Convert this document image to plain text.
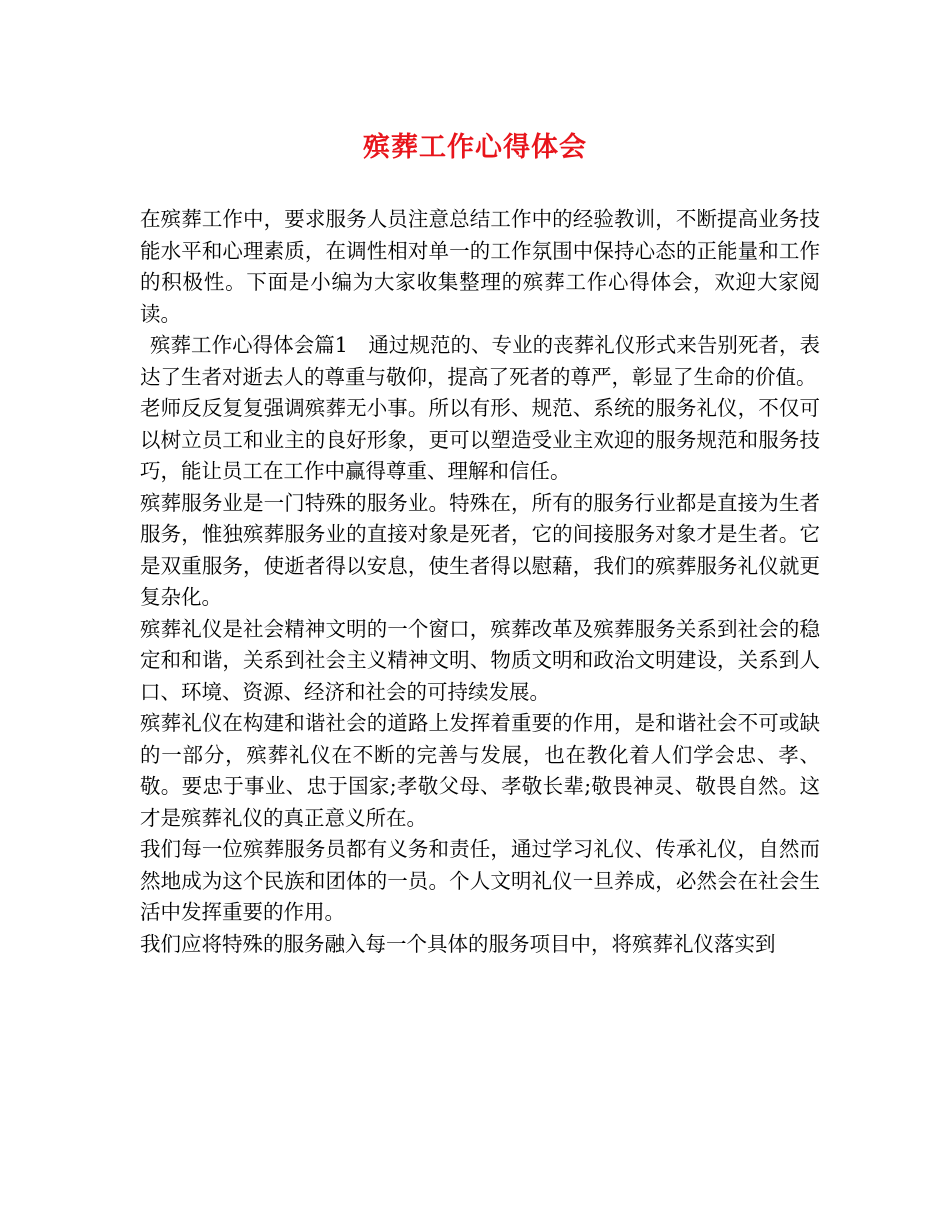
殡葬工作心得体会

在殡葬工作中，要求服务人员注意总结工作中的经验教训，不断提高业务技能水平和心理素质，在调性相对单一的工作氛围中保持心态的正能量和工作的积极性。下面是小编为大家收集整理的殡葬工作心得体会，欢迎大家阅读。

殡葬工作心得体会篇1　通过规范的、专业的丧葬礼仪形式来告别死者，表达了生者对逝去人的尊重与敬仰，提高了死者的尊严，彰显了生命的价值。

老师反反复复强调殡葬无小事。所以有形、规范、系统的服务礼仪，不仅可以树立员工和业主的良好形象，更可以塑造受业主欢迎的服务规范和服务技巧，能让员工在工作中赢得尊重、理解和信任。

殡葬服务业是一门特殊的服务业。特殊在，所有的服务行业都是直接为生者服务，惟独殡葬服务业的直接对象是死者，它的间接服务对象才是生者。它是双重服务，使逝者得以安息，使生者得以慰藉，我们的殡葬服务礼仪就更复杂化。

殡葬礼仪是社会精神文明的一个窗口，殡葬改革及殡葬服务关系到社会的稳定和和谐，关系到社会主义精神文明、物质文明和政治文明建设，关系到人口、环境、资源、经济和社会的可持续发展。

殡葬礼仪在构建和谐社会的道路上发挥着重要的作用，是和谐社会不可或缺的一部分，殡葬礼仪在不断的完善与发展，也在教化着人们学会忠、孝、敬。要忠于事业、忠于国家;孝敬父母、孝敬长辈;敬畏神灵、敬畏自然。这才是殡葬礼仪的真正意义所在。

我们每一位殡葬服务员都有义务和责任，通过学习礼仪、传承礼仪，自然而然地成为这个民族和团体的一员。个人文明礼仪一旦养成，必然会在社会生活中发挥重要的作用。

我们应将特殊的服务融入每一个具体的服务项目中，将殡葬礼仪落实到
